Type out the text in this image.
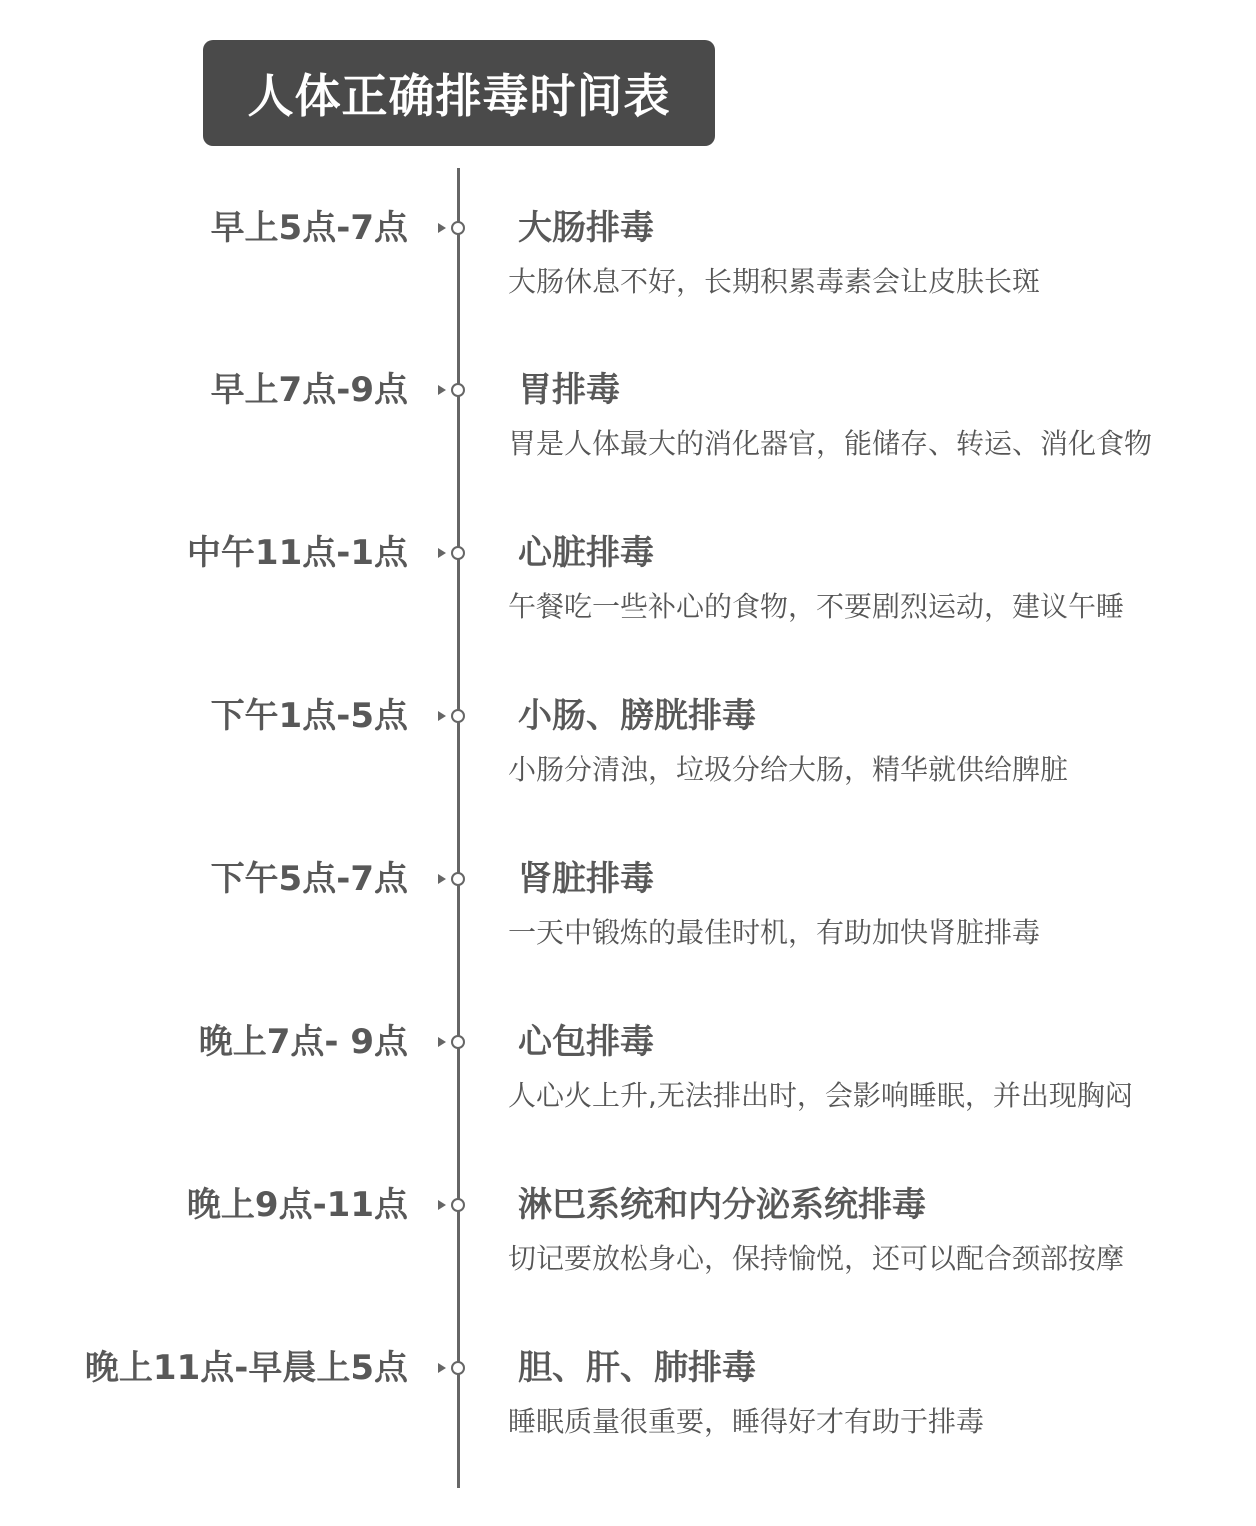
人体正确排毒时间表
早上5点-7点	大肠排毒
大肠休息不好，长期积累毒素会让皮肤长斑
早上7点-9点	胃排毒
胃是人体最大的消化器官，能储存、转运、消化食物
中午11点-1点	心脏排毒
午餐吃一些补心的食物，不要剧烈运动，建议午睡
下午1点-5点	小肠、膀胱排毒
小肠分清浊，垃圾分给大肠，精华就供给脾脏
下午5点-7点	肾脏排毒
一天中锻炼的最佳时机，有助加快肾脏排毒
晚上7点- 9点	心包排毒
人心火上升,无法排出时，会影响睡眠，并出现胸闷
晚上9点-11点	淋巴系统和内分泌系统排毒
切记要放松身心，保持愉悦，还可以配合颈部按摩
晚上11点-早晨上5点	胆、肝、肺排毒
睡眠质量很重要，睡得好才有助于排毒
